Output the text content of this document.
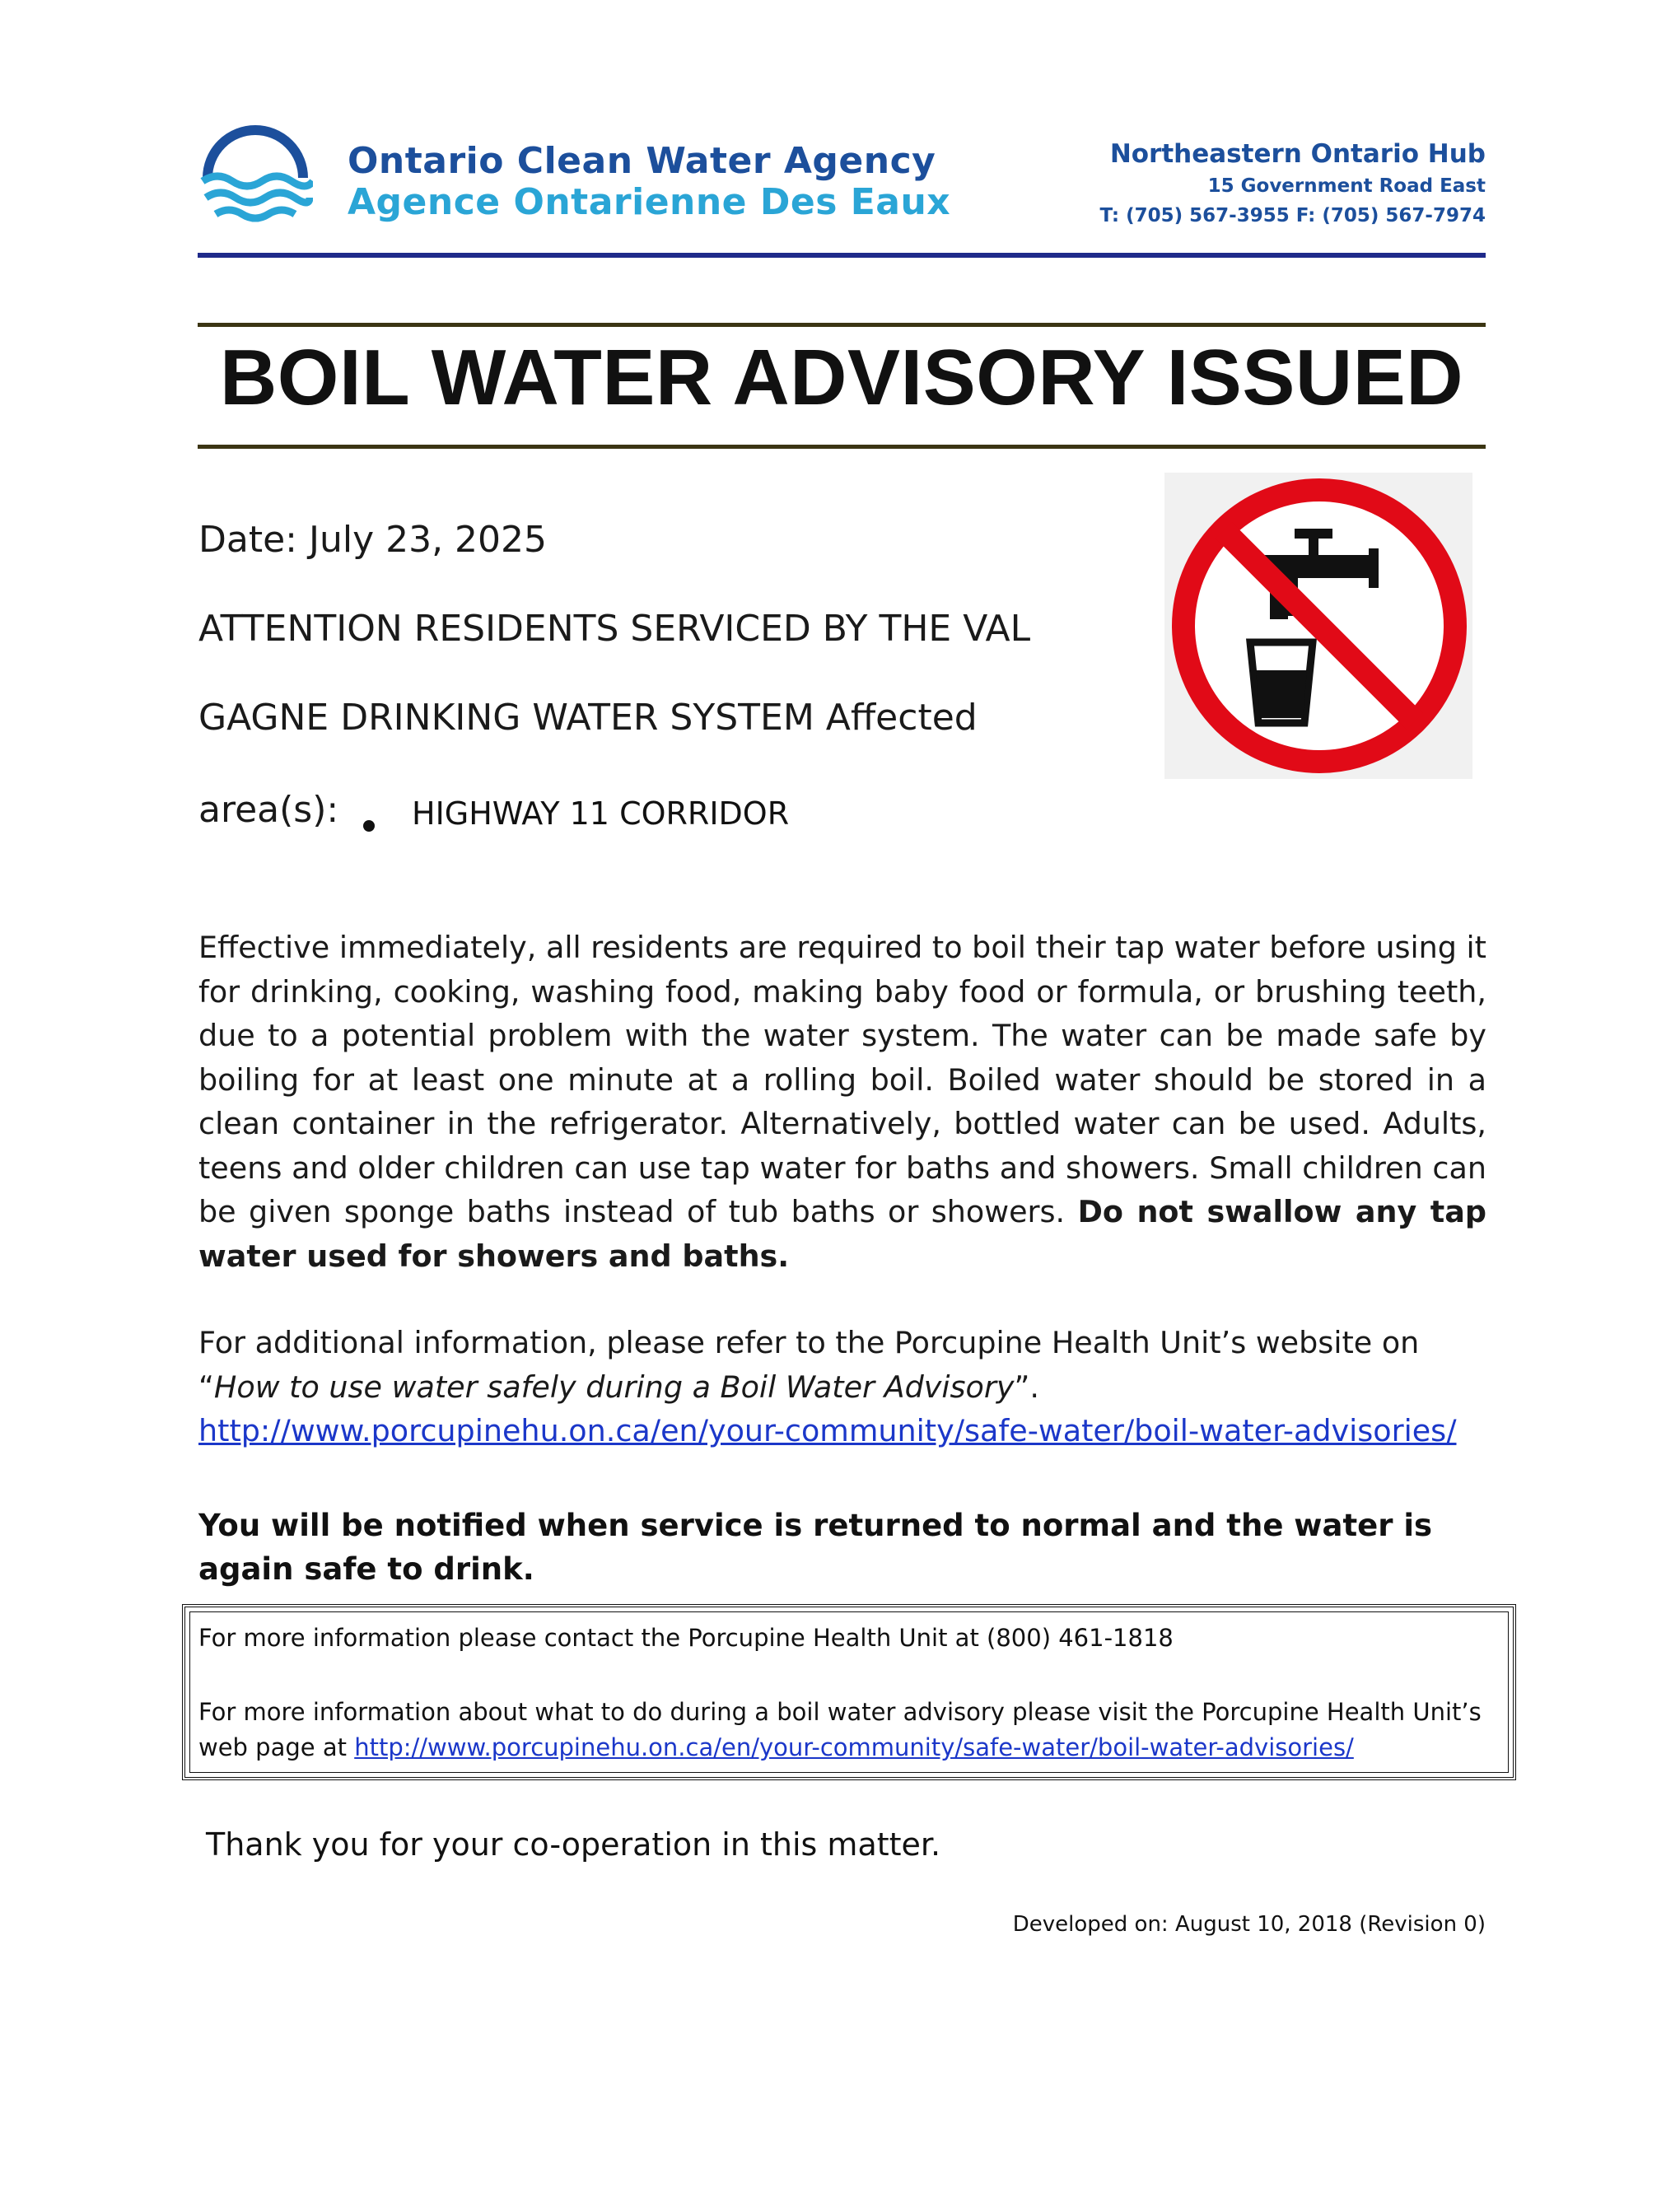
Ontario Clean Water Agency
Agence Ontarienne Des Eaux
Northeastern Ontario Hub
15 Government Road East
T: (705) 567-3955 F: (705) 567-7974
BOIL WATER ADVISORY ISSUED
Date: July 23, 2025
ATTENTION RESIDENTS SERVICED BY THE VAL
GAGNE DRINKING WATER SYSTEM Affected
area(s): HIGHWAY 11 CORRIDOR
Effective immediately, all residents are required to boil their tap water before using it for drinking, cooking, washing food, making baby food or formula, or brushing teeth, due to a potential problem with the water system. The water can be made safe by boiling for at least one minute at a rolling boil. Boiled water should be stored in a clean container in the refrigerator. Alternatively, bottled water can be used. Adults, teens and older children can use tap water for baths and showers. Small children can be given sponge baths instead of tub baths or showers. Do not swallow any tap water used for showers and baths.
For additional information, please refer to the Porcupine Health Unit’s website on “How to use water safely during a Boil Water Advisory”.
http://www.porcupinehu.on.ca/en/your-community/safe-water/boil-water-advisories/
You will be notified when service is returned to normal and the water is again safe to drink.
For more information please contact the Porcupine Health Unit at (800) 461-1818
For more information about what to do during a boil water advisory please visit the Porcupine Health Unit’s web page at http://www.porcupinehu.on.ca/en/your-community/safe-water/boil-water-advisories/
Thank you for your co-operation in this matter.
Developed on: August 10, 2018 (Revision 0)
